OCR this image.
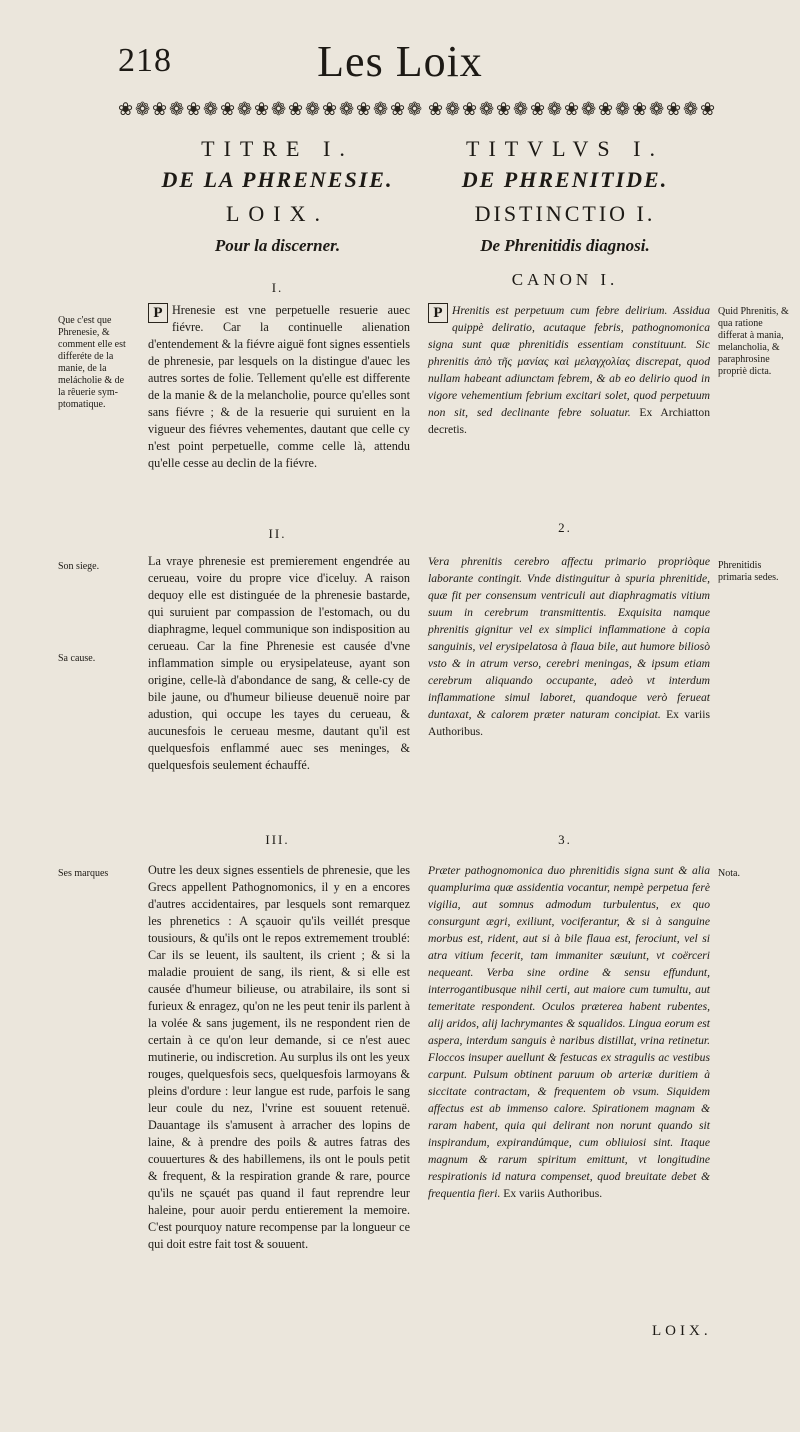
218	Les Loix
❀ ❁ ❀ ❁ ❀ ❁ ❀ ❁ ❀ ❁ ❀ ❁ ❀ ❁ ❀ ❁ ❀ ❁ ❀ ❁ ❀ ❁ ❀ ❁ ❀ ❁ ❀ ❁ ❀ ❁ ❀ ❁ ❀ ❁ ❀
TITRE I.
DE LA PHRENESIE.
LOIX.
Pour la discerner.
I.
TITVLVS I.
DE PHRENITIDE.
DISTINCTIO I.
De Phrenitidis diagnosi.
CANON I.
P Hrenesie est vne perpetuelle resuerie auec fiévre. Car la continuelle alienation d'entendement & la fiévre aiguë font signes essentiels de phrenesie, par lesquels on la distingue d'auec les autres sortes de folie. Tellement qu'elle est differente de la manie & de la melancholie, pource qu'elles sont sans fiévre ; & de la resuerie qui suruient en la vigueur des fiévres vehementes, dautant que celle cy n'est point perpetuelle, comme celle là, attendu qu'elle cesse au declin de la fiévre.
II.
La vraye phrenesie est premierement engendrée au cerueau, voire du propre vice d'iceluy. A raison dequoy elle est distinguée de la phrenesie bastarde, qui suruient par compassion de l'estomach, ou du diaphragme, lequel communique son indisposition au cerueau. Car la fine Phrenesie est causée d'vne inflammation simple ou erysipelateuse, ayant son origine, celle-là d'abondance de sang, & celle-cy de bile jaune, ou d'humeur bilieuse deuenuë noire par adustion, qui occupe les tayes du cerueau, & aucunesfois le cerueau mesme, dautant qu'il est quelquesfois enflammé auec ses meninges, & quelquesfois seulement échauffé.
III.
Outre les deux signes essentiels de phrenesie, que les Grecs appellent Pathognomonics, il y en a encores d'autres accidentaires, par lesquels sont remarquez les phrenetics : A sçauoir qu'ils veillét presque tousiours, & qu'ils ont le repos extremement troublé: Car ils se leuent, ils saultent, ils crient ; & si la maladie prouient de sang, ils rient, & si elle est causée d'humeur bilieuse, ou atrabilaire, ils sont si furieux & enragez, qu'on ne les peut tenir ils parlent à la volée & sans jugement, ils ne respondent rien de certain à ce qu'on leur demande, si ce n'est auec mutinerie, ou indiscretion. Au surplus ils ont les yeux rouges, quelquesfois secs, quelquesfois larmoyans & pleins d'ordure : leur langue est rude, parfois le sang leur coule du nez, l'vrine est souuent retenuë. Dauantage ils s'amusent à arracher des lopins de laine, & à prendre des poils & autres fatras des couuertures & des habillemens, ils ont le pouls petit & frequent, & la respiration grande & rare, pource qu'ils ne sçauét pas quand il faut reprendre leur haleine, pour auoir perdu entierement la memoire. C'est pourquoy nature recompense par la longueur ce qui doit estre fait tost & souuent.
P Hrenitis est perpetuum cum febre delirium. Assidua quippè deliratio, acutaque febris, pathognomonica signa sunt quæ phrenitidis essentiam constituunt. Sic phrenitis ἀπὸ τῆς μανίας καὶ μελαγχολίας discrepat, quod nullam habeant adiunctam febrem, & ab eo delirio quod in vigore vehementium febrium excitari solet, quod perpetuum non sit, sed declinante febre soluatur. Ex Archiatton decretis.
2.
Vera phrenitis cerebro affectu primario propriòque laborante contingit. Vnde distinguitur à spuria phrenitide, quæ fit per consensum ventriculi aut diaphragmatis vitium suum in cerebrum transmittentis. Exquisita namque phrenitis gignitur vel ex simplici inflammatione à copia sanguinis, vel erysipelatosa à flaua bile, aut humore biliosò vsto & in atrum verso, cerebri meningas, & ipsum etiam cerebrum aliquando occupante, adeò vt interdum inflammatione simul laboret, quandoque verò ferueat duntaxat, & calorem præter naturam concipiat. Ex variis Authoribus.
3.
Præter pathognomonica duo phrenitidis signa sunt & alia quamplurima quæ assidentia vocantur, nempè perpetua ferè vigilia, aut somnus admodum turbulentus, ex quo consurgunt ægri, exiliunt, vociferantur, & si à sanguine morbus est, rident, aut si à bile flaua est, ferociunt, vel si atra vitium fecerit, tam immaniter sæuiunt, vt coërceri nequeant. Verba sine ordine & sensu effundunt, interrogantibusque nihil certi, aut maiore cum tumultu, aut temeritate respondent. Oculos præterea habent rubentes, alij aridos, alij lachrymantes & squalidos. Lingua eorum est aspera, interdum sanguis è naribus distillat, vrina retinetur. Floccos insuper auellunt & festucas ex stragulis ac vestibus carpunt. Pulsum obtinent paruum ob arteriæ duritiem à siccitate contractam, & frequentem ob vsum. Siquidem affectus est ab immenso calore. Spirationem magnam & raram habent, quia qui delirant non norunt quando sit inspirandum, expirandúmque, cum obliuiosi sint. Itaque magnum & rarum spiritum emittunt, vt longitudine respirationis id natura compenset, quod breuitate debet & frequentia fieri. Ex variis Authoribus.
Que c'est que Phrenesie, & comment elle est differéte de la manie, de la melácholie & de la rêuerie sym-ptomatique.
Son siege.
Sa cause.
Ses marques
Quid Phrenitis, & qua ratione differat à mania, melancholia, & paraphrosine propriè dicta.
Phrenitidis primaria sedes.
Nota.
LOIX.
